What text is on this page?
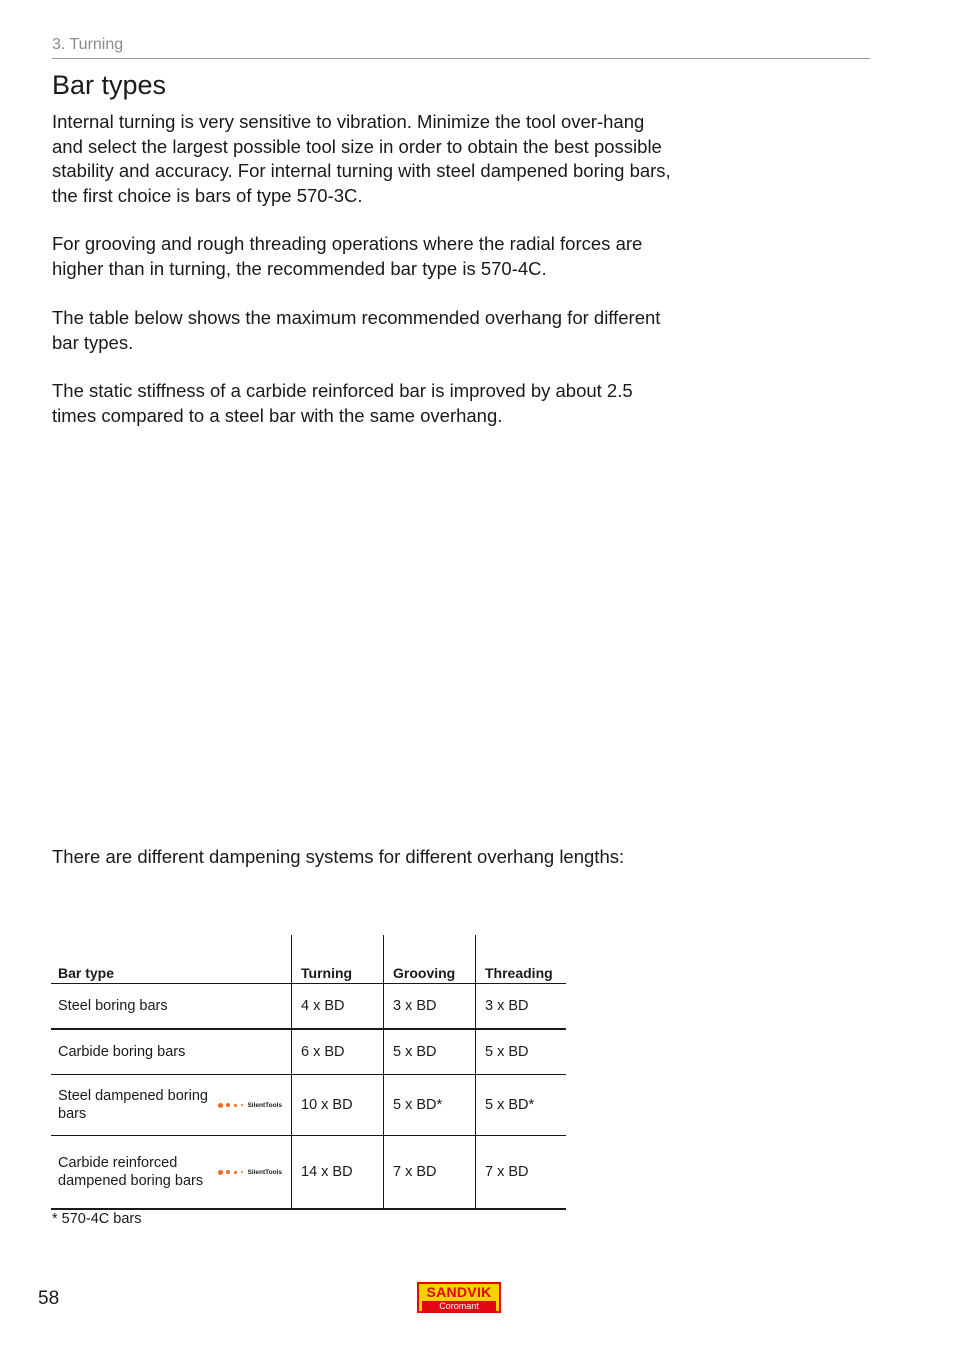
3. Turning
Bar types

Internal turning is very sensitive to vibration. Minimize the tool over-hang and select the largest possible tool size in order to obtain the best possible stability and accuracy. For internal turning with steel dampened boring bars, the first choice is bars of type 570-3C.

For grooving and rough threading operations where the radial forces are higher than in turning, the recommended bar type is 570-4C.

The table below shows the maximum recommended overhang for different bar types.

The static stiffness of a carbide reinforced bar is improved by about 2.5 times compared to a steel bar with the same overhang.

There are different dampening systems for different overhang lengths:

Bar type	Turning	Grooving	Threading

Steel boring bars	4 x BD	3 x BD	3 x BD

Carbide boring bars	6 x BD	5 x BD	5 x BD

Steel dampened boring bars
SilentTools	10 x BD	5 x BD*	5 x BD*

Carbide reinforced dampened boring bars
SilentTools	14 x BD	7 x BD	7 x BD
* 570-4C bars
58	SANDVIK
Coromant
